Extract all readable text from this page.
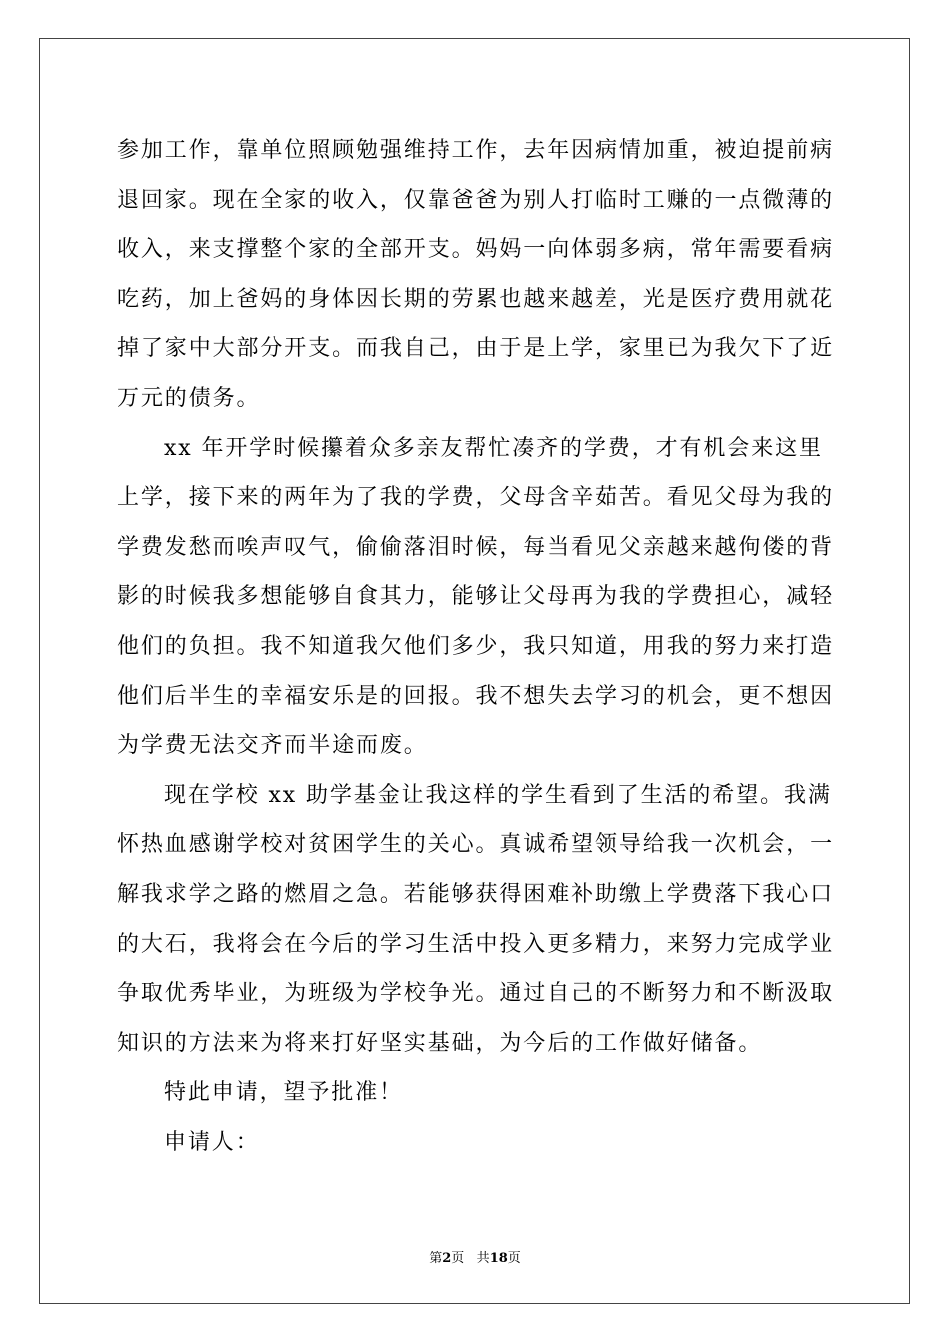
参加工作，靠单位照顾勉强维持工作，去年因病情加重，被迫提前病
退回家。现在全家的收入，仅靠爸爸为别人打临时工赚的一点微薄的
收入，来支撑整个家的全部开支。妈妈一向体弱多病，常年需要看病
吃药，加上爸妈的身体因长期的劳累也越来越差，光是医疗费用就花
掉了家中大部分开支。而我自己，由于是上学，家里已为我欠下了近
万元的债务。
xx 年开学时候攥着众多亲友帮忙凑齐的学费，才有机会来这里
上学，接下来的两年为了我的学费，父母含辛茹苦。看见父母为我的
学费发愁而唉声叹气，偷偷落泪时候，每当看见父亲越来越佝偻的背
影的时候我多想能够自食其力，能够让父母再为我的学费担心，减轻
他们的负担。我不知道我欠他们多少，我只知道，用我的努力来打造
他们后半生的幸福安乐是的回报。我不想失去学习的机会，更不想因
为学费无法交齐而半途而废。
现在学校 xx 助学基金让我这样的学生看到了生活的希望。我满
怀热血感谢学校对贫困学生的关心。真诚希望领导给我一次机会，一
解我求学之路的燃眉之急。若能够获得困难补助缴上学费落下我心口
的大石，我将会在今后的学习生活中投入更多精力，来努力完成学业
争取优秀毕业，为班级为学校争光。通过自己的不断努力和不断汲取
知识的方法来为将来打好坚实基础，为今后的工作做好储备。
特此申请，望予批准！
申请人：
第2页 共18页
